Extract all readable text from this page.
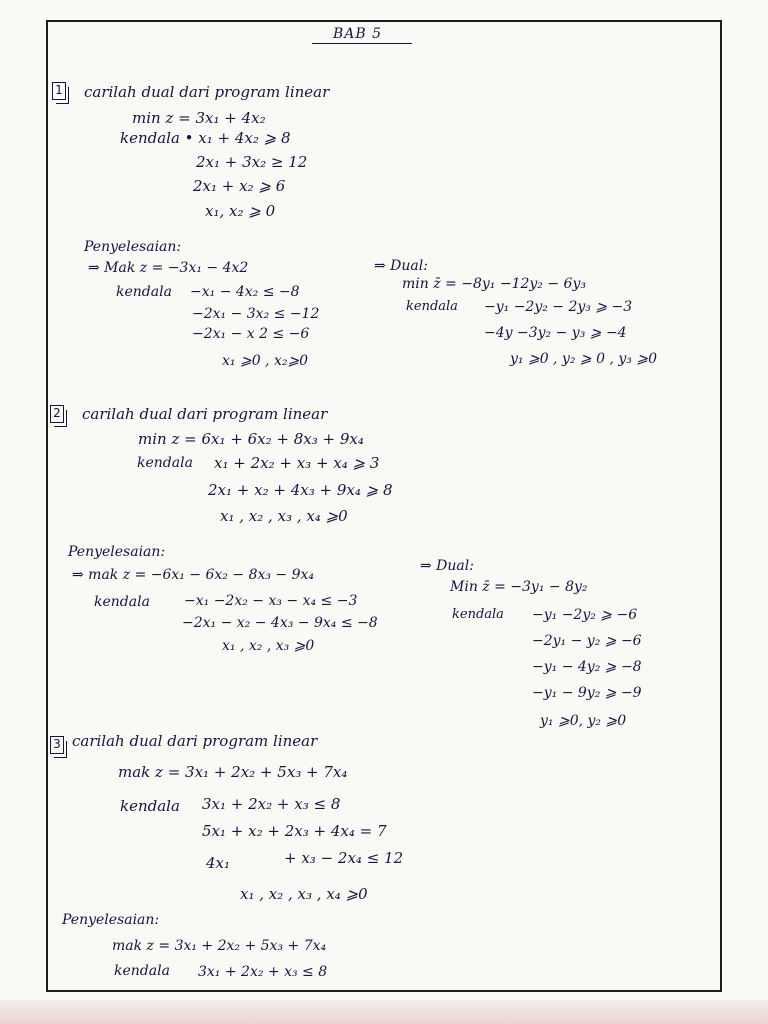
BAB 5
1 carilah dual dari program linear
min z = 3x₁ + 4x₂
kendala • x₁ + 4x₂ ⩾ 8
2x₁ + 3x₂ ≥ 12
2x₁ + x₂ ⩾ 6
x₁, x₂ ⩾ 0
Penyelesaian:
⇒ Mak z = −3x₁ − 4x2
kendala −x₁ − 4x₂ ≤ −8
−2x₁ − 3x₂ ≤ −12
−2x₁ − x 2 ≤ −6
x₁ ⩾0 , x₂⩾0
⇒ Dual:
min z̄ = −8y₁ −12y₂ − 6y₃
kendala −y₁ −2y₂ − 2y₃ ⩾ −3
−4y −3y₂ − y₃ ⩾ −4
y₁ ⩾0 , y₂ ⩾ 0 , y₃ ⩾0
2 carilah dual dari program linear
min z = 6x₁ + 6x₂ + 8x₃ + 9x₄
kendala x₁ + 2x₂ + x₃ + x₄ ⩾ 3
2x₁ + x₂ + 4x₃ + 9x₄ ⩾ 8
x₁ , x₂ , x₃ , x₄ ⩾0
Penyelesaian:
⇒ mak z = −6x₁ − 6x₂ − 8x₃ − 9x₄
kendala −x₁ −2x₂ − x₃ − x₄ ≤ −3
−2x₁ − x₂ − 4x₃ − 9x₄ ≤ −8
x₁ , x₂ , x₃ ⩾0
⇒ Dual:
Min z̄ = −3y₁ − 8y₂
kendala −y₁ −2y₂ ⩾ −6
−2y₁ − y₂ ⩾ −6
−y₁ − 4y₂ ⩾ −8
−y₁ − 9y₂ ⩾ −9
y₁ ⩾0, y₂ ⩾0
3 carilah dual dari program linear
mak z = 3x₁ + 2x₂ + 5x₃ + 7x₄
kendala 3x₁ + 2x₂ + x₃ ≤ 8
5x₁ + x₂ + 2x₃ + 4x₄ = 7
4x₁	+ x₃ − 2x₄ ≤ 12
x₁ , x₂ , x₃ , x₄ ⩾0
Penyelesaian:
mak z = 3x₁ + 2x₂ + 5x₃ + 7x₄
kendala 3x₁ + 2x₂ + x₃ ≤ 8
